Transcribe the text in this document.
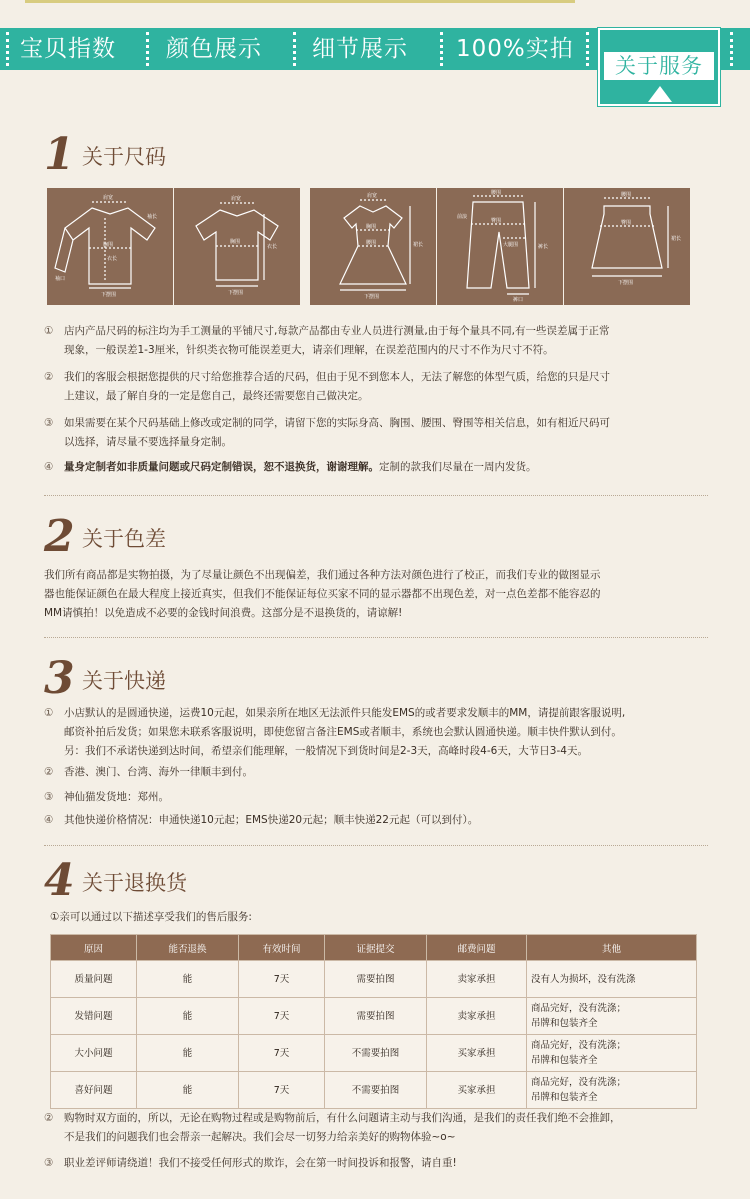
宝贝指数 颜色展示 细节展示 100%实拍
关于服务
1 关于尺码
肩宽
袖长
胸围
衣长
袖口
下摆围
肩宽
胸围
衣长
下摆围
肩宽
胸围
腰围	裙长
下摆围
腰围
臀围
裤长
大腿围
前浪
裤口
腰围
臀围
裙长
下摆围
① 店内产品尺码的标注均为手工测量的平铺尺寸,每款产品都由专业人员进行测量,由于每个量具不同,有一些误差属于正常
现象，一般误差1-3厘米，针织类衣物可能误差更大，请亲们理解，在误差范围内的尺寸不作为尺寸不符。
② 我们的客服会根据您提供的尺寸给您推荐合适的尺码，但由于见不到您本人，无法了解您的体型气质，给您的只是尺寸
上建议，最了解自身的一定是您自己，最终还需要您自己做决定。
③ 如果需要在某个尺码基础上修改或定制的同学，请留下您的实际身高、胸围、腰围、臀围等相关信息，如有相近尺码可
以选择，请尽量不要选择量身定制。
④ 量身定制者如非质量问题或尺码定制错误，恕不退换货，谢谢理解。定制的款我们尽量在一周内发货。
2 关于色差
我们所有商品都是实物拍摄，为了尽量让颜色不出现偏差，我们通过各种方法对颜色进行了校正，而我们专业的做图显示
器也能保证颜色在最大程度上接近真实，但我们不能保证每位买家不同的显示器都不出现色差，对一点色差都不能容忍的
MM请慎拍！以免造成不必要的金钱时间浪费。这部分是不退换货的，请谅解!
3 关于快递
① 小店默认的是圆通快递，运费10元起，如果亲所在地区无法派件只能发EMS的或者要求发顺丰的MM，请提前跟客服说明,
邮资补拍后发货；如果您未联系客服说明，即使您留言备注EMS或者顺丰，系统也会默认圆通快递。顺丰快件默认到付。
另：我们不承诺快递到达时间，希望亲们能理解，一般情况下到货时间是2-3天，高峰时段4-6天，大节日3-4天。
② 香港、澳门、台湾、海外一律顺丰到付。
③ 神仙猫发货地：郑州。
④ 其他快递价格情况：申通快递10元起；EMS快递20元起；顺丰快递22元起（可以到付）。
4 关于退换货
①亲可以通过以下描述享受我们的售后服务:
原因	能否退换	有效时间	证据提交	邮费问题	其他
质量问题	能	7天	需要拍图	卖家承担	没有人为损坏，没有洗涤
发错问题	能	7天	需要拍图	卖家承担	商品完好，没有洗涤；
吊牌和包装齐全
大小问题	能	7天	不需要拍图	买家承担	商品完好，没有洗涤；
吊牌和包装齐全
喜好问题	能	7天	不需要拍图	买家承担	商品完好，没有洗涤；
吊牌和包装齐全
② 购物时双方面的，所以，无论在购物过程或是购物前后，有什么问题请主动与我们沟通，是我们的责任我们绝不会推卸，
不是我们的问题我们也会帮亲一起解决。我们会尽一切努力给亲美好的购物体验~o~
③ 职业差评师请绕道！我们不接受任何形式的欺诈，会在第一时间投诉和报警，请自重!
